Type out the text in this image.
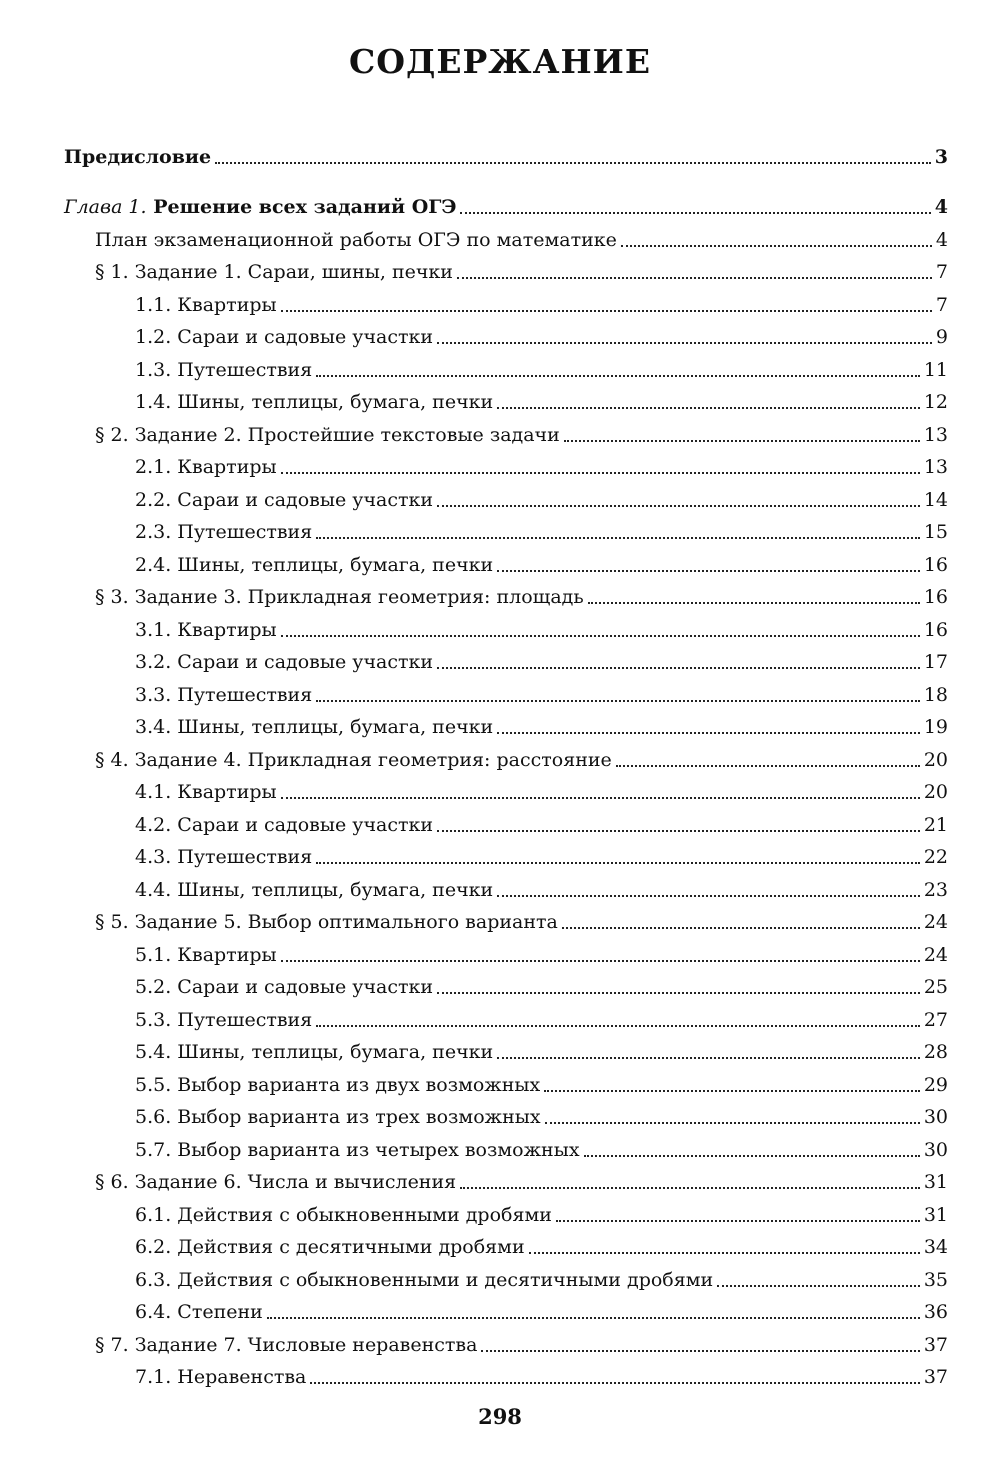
СОДЕРЖАНИЕ
Предисловие	3
Глава 1. Решение всех заданий ОГЭ	4
План экзаменационной работы ОГЭ по математике	4
§ 1. Задание 1. Сараи, шины, печки	7
1.1. Квартиры	7
1.2. Сараи и садовые участки	9
1.3. Путешествия	11
1.4. Шины, теплицы, бумага, печки	12
§ 2. Задание 2. Простейшие текстовые задачи	13
2.1. Квартиры	13
2.2. Сараи и садовые участки	14
2.3. Путешествия	15
2.4. Шины, теплицы, бумага, печки	16
§ 3. Задание 3. Прикладная геометрия: площадь	16
3.1. Квартиры	16
3.2. Сараи и садовые участки	17
3.3. Путешествия	18
3.4. Шины, теплицы, бумага, печки	19
§ 4. Задание 4. Прикладная геометрия: расстояние	20
4.1. Квартиры	20
4.2. Сараи и садовые участки	21
4.3. Путешествия	22
4.4. Шины, теплицы, бумага, печки	23
§ 5. Задание 5. Выбор оптимального варианта	24
5.1. Квартиры	24
5.2. Сараи и садовые участки	25
5.3. Путешествия	27
5.4. Шины, теплицы, бумага, печки	28
5.5. Выбор варианта из двух возможных	29
5.6. Выбор варианта из трех возможных	30
5.7. Выбор варианта из четырех возможных	30
§ 6. Задание 6. Числа и вычисления	31
6.1. Действия с обыкновенными дробями	31
6.2. Действия с десятичными дробями	34
6.3. Действия с обыкновенными и десятичными дробями	35
6.4. Степени	36
§ 7. Задание 7. Числовые неравенства	37
7.1. Неравенства	37
298
